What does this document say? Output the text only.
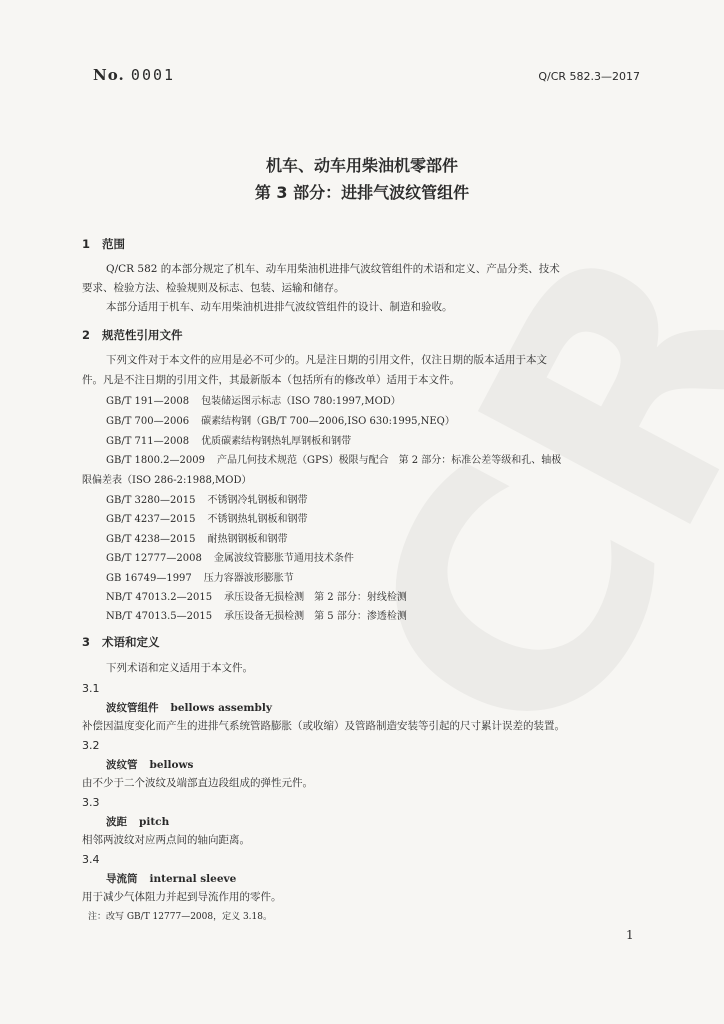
No. 0001	Q/CR 582.3—2017
机车、动车用柴油机零部件
第 3 部分：进排气波纹管组件
1 范围
Q/CR 582 的本部分规定了机车、动车用柴油机进排气波纹管组件的术语和定义、产品分类、技术
要求、检验方法、检验规则及标志、包装、运输和储存。
本部分适用于机车、动车用柴油机进排气波纹管组件的设计、制造和验收。
2 规范性引用文件
下列文件对于本文件的应用是必不可少的。凡是注日期的引用文件，仅注日期的版本适用于本文
件。凡是不注日期的引用文件，其最新版本（包括所有的修改单）适用于本文件。
GB/T 191—2008 包装储运图示标志（ISO 780:1997,MOD）
GB/T 700—2006 碳素结构钢（GB/T 700—2006,ISO 630:1995,NEQ）
GB/T 711—2008 优质碳素结构钢热轧厚钢板和钢带
GB/T 1800.2—2009 产品几何技术规范（GPS）极限与配合　第 2 部分：标准公差等级和孔、轴极
限偏差表（ISO 286-2:1988,MOD）
GB/T 3280—2015 不锈钢冷轧钢板和钢带
GB/T 4237—2015 不锈钢热轧钢板和钢带
GB/T 4238—2015 耐热钢钢板和钢带
GB/T 12777—2008 金属波纹管膨胀节通用技术条件
GB 16749—1997 压力容器波形膨胀节
NB/T 47013.2—2015 承压设备无损检测　第 2 部分：射线检测
NB/T 47013.5—2015 承压设备无损检测　第 5 部分：渗透检测
3 术语和定义
下列术语和定义适用于本文件。
3.1
波纹管组件 bellows assembly
补偿因温度变化而产生的进排气系统管路膨胀（或收缩）及管路制造安装等引起的尺寸累计误差的装置。
3.2
波纹管 bellows
由不少于二个波纹及端部直边段组成的弹性元件。
3.3
波距 pitch
相邻两波纹对应两点间的轴向距离。
3.4
导流筒 internal sleeve
用于减少气体阻力并起到导流作用的零件。
注：改写 GB/T 12777—2008，定义 3.18。
1
